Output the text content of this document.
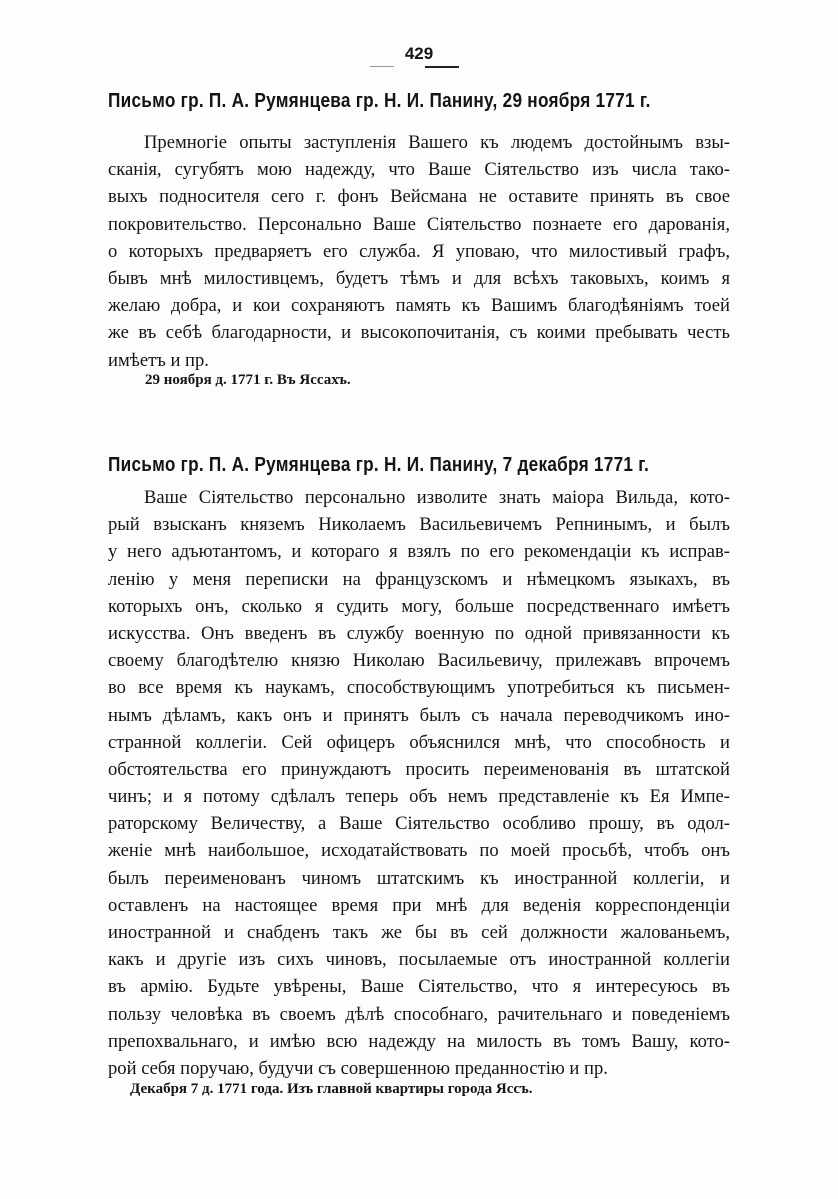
429
Письмо гр. П. А. Румянцева гр. Н. И. Панину, 29 ноября 1771 г.
Премногіе опыты заступленія Вашего къ людемъ достойнымъ взы-
сканія, сугубятъ мою надежду, что Ваше Сіятельство изъ числа тако-
выхъ подносителя сего г. фонъ Вейсмана не оставите принять въ свое
покровительство. Персонально Ваше Сіятельство познаете его дарованія,
о которыхъ предваряетъ его служба. Я уповаю, что милостивый графъ,
бывъ мнѣ милостивцемъ, будетъ тѣмъ и для всѣхъ таковыхъ, коимъ я
желаю добра, и кои сохраняютъ память къ Вашимъ благодѣяніямъ тоей
же въ себѣ благодарности, и высокопочитанія, съ коими пребывать честь
имѣетъ и пр.
29 ноября д. 1771 г. Въ Яссахъ.
Письмо гр. П. А. Румянцева гр. Н. И. Панину, 7 декабря 1771 г.
Ваше Сіятельство персонально изволите знать маіора Вильда, кото-
рый взысканъ княземъ Николаемъ Васильевичемъ Репнинымъ, и былъ
у него адъютантомъ, и котораго я взялъ по его рекомендаціи къ исправ-
ленію у меня переписки на французскомъ и нѣмецкомъ языкахъ, въ
которыхъ онъ, сколько я судить могу, больше посредственнаго имѣетъ
искусства. Онъ введенъ въ службу военную по одной привязанности къ
своему благодѣтелю князю Николаю Васильевичу, прилежавъ впрочемъ
во все время къ наукамъ, способствующимъ употребиться къ письмен-
нымъ дѣламъ, какъ онъ и принятъ былъ съ начала переводчикомъ ино-
странной коллегіи. Сей офицеръ объяснился мнѣ, что способность и
обстоятельства его принуждаютъ просить переименованія въ штатской
чинъ; и я потому сдѣлалъ теперь объ немъ представленіе къ Ея Импе-
раторскому Величеству, а Ваше Сіятельство особливо прошу, въ одол-
женіе мнѣ наибольшое, исходатайствовать по моей просьбѣ, чтобъ онъ
былъ переименованъ чиномъ штатскимъ къ иностранной коллегіи, и
оставленъ на настоящее время при мнѣ для веденія корреспонденціи
иностранной и снабденъ такъ же бы въ сей должности жалованьемъ,
какъ и другіе изъ сихъ чиновъ, посылаемые отъ иностранной коллегіи
въ армію. Будьте увѣрены, Ваше Сіятельство, что я интересуюсь въ
пользу человѣка въ своемъ дѣлѣ способнаго, рачительнаго и поведеніемъ
препохвальнаго, и имѣю всю надежду на милость въ томъ Вашу, кото-
рой себя поручаю, будучи съ совершенною преданностію и пр.
Декабря 7 д. 1771 года. Изъ главной квартиры города Яссъ.
